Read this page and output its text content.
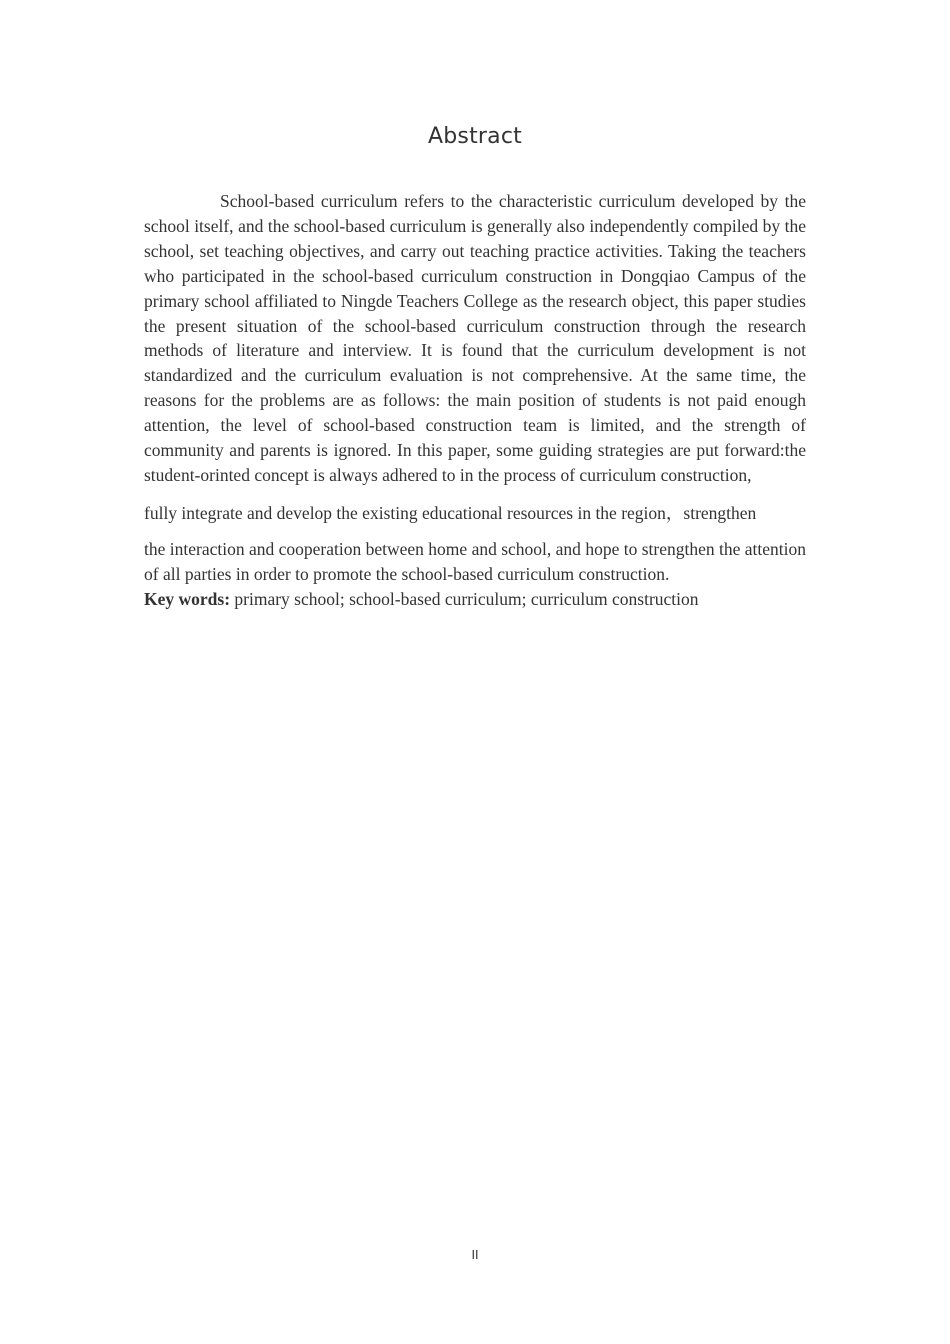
Abstract

School-based curriculum refers to the characteristic curriculum developed by the school itself, and the school-based curriculum is generally also independently compiled by the school, set teaching objectives, and carry out teaching practice activities. Taking the teachers who participated in the school-based curriculum construction in Dongqiao Campus of the primary school affiliated to Ningde Teachers College as the research object, this paper studies the present situation of the school-based curriculum construction through the research methods of literature and interview. It is found that the curriculum development is not standardized and the curriculum evaluation is not comprehensive. At the same time, the reasons for the problems are as follows: the main position of students is not paid enough attention, the level of school-based construction team is limited, and the strength of community and parents is ignored. In this paper, some guiding strategies are put forward:the student-orinted concept is always adhered to in the process of curriculum construction,

fully integrate and develop the existing educational resources in the region，strengthen

the interaction and cooperation between home and school, and hope to strengthen the attention of all parties in order to promote the school-based curriculum construction.

Key words: primary school; school-based curriculum; curriculum construction

II
